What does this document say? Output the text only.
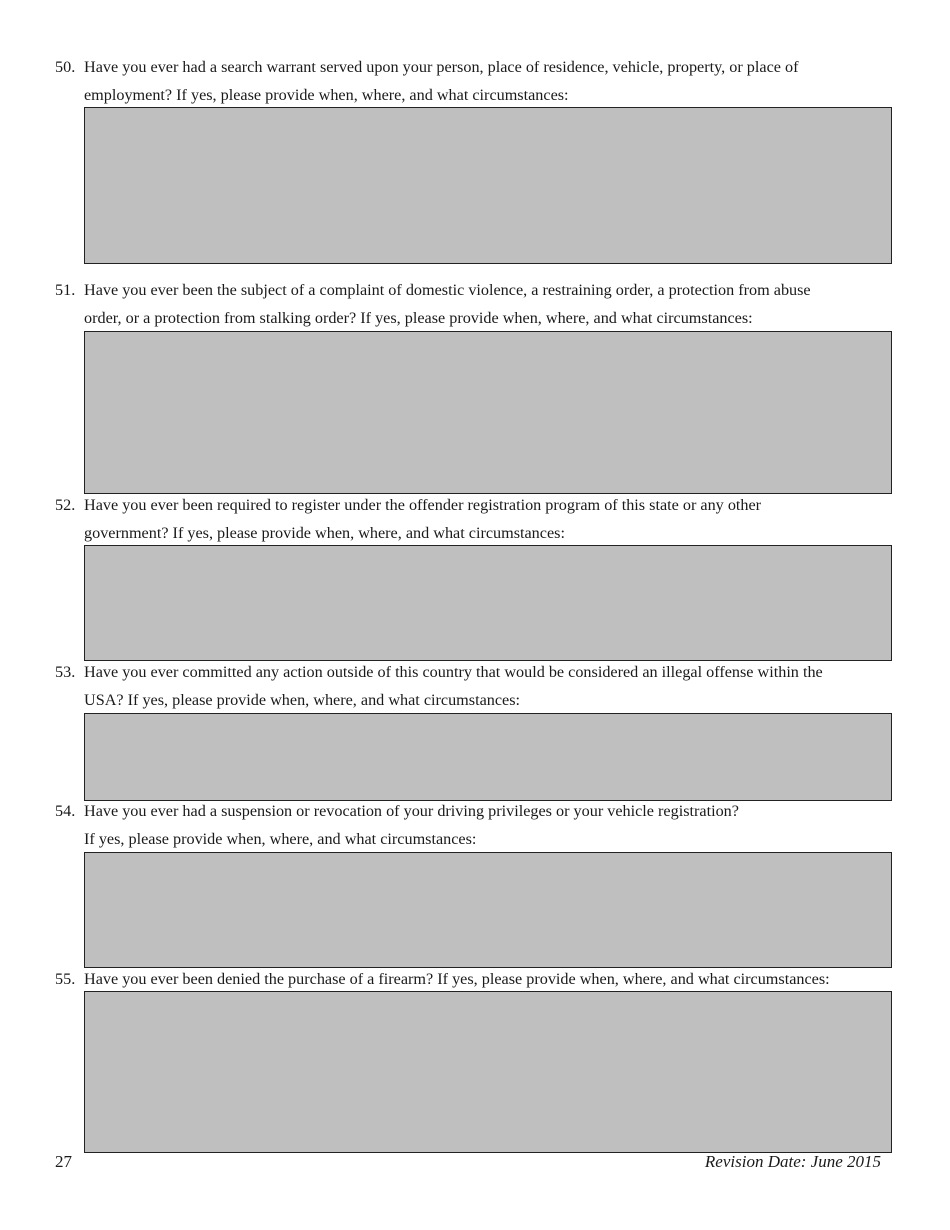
50. Have you ever had a search warrant served upon your person, place of residence, vehicle, property, or place of
employment? If yes, please provide when, where, and what circumstances:
51. Have you ever been the subject of a complaint of domestic violence, a restraining order, a protection from abuse
order, or a protection from stalking order? If yes, please provide when, where, and what circumstances:
52. Have you ever been required to register under the offender registration program of this state or any other
government? If yes, please provide when, where, and what circumstances:
53. Have you ever committed any action outside of this country that would be considered an illegal offense within the
USA? If yes, please provide when, where, and what circumstances:
54. Have you ever had a suspension or revocation of your driving privileges or your vehicle registration?
If yes, please provide when, where, and what circumstances:
55. Have you ever been denied the purchase of a firearm? If yes, please provide when, where, and what circumstances:
27	Revision Date: June 2015
